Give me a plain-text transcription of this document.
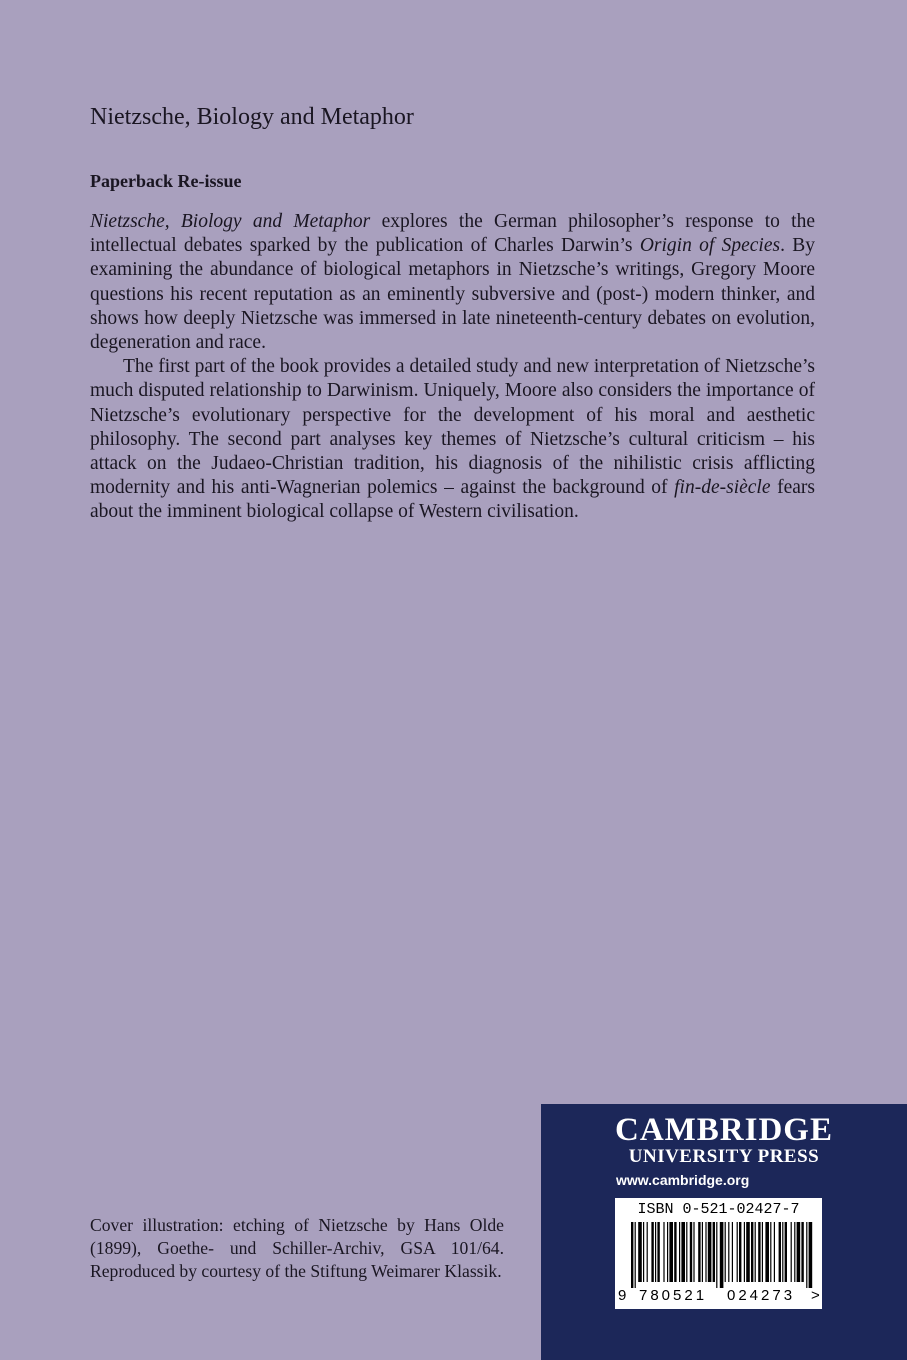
Nietzsche, Biology and Metaphor
Paperback Re-issue

Nietzsche, Biology and Metaphor explores the German philosopher’s response to the intellectual debates sparked by the publication of Charles Darwin’s Origin of Species. By examining the abundance of biological metaphors in Nietzsche’s writings, Gregory Moore questions his recent reputation as an eminently subversive and (post-) modern thinker, and shows how deeply Nietzsche was immersed in late nineteenth-century debates on evolution, degeneration and race.

The first part of the book provides a detailed study and new interpretation of Nietzsche’s much disputed relationship to Darwinism. Uniquely, Moore also considers the importance of Nietzsche’s evolutionary perspective for the development of his moral and aesthetic philosophy. The second part analyses key themes of Nietzsche’s cultural criticism – his attack on the Judaeo-Christian tradition, his diagnosis of the nihilistic crisis afflicting modernity and his anti-Wagnerian polemics – against the background of fin-de-siècle fears about the imminent biological collapse of Western civilisation.

Cover illustration: etching of Nietzsche by Hans Olde (1899), Goethe- und Schiller-Archiv, GSA 101/64. Reproduced by courtesy of the Stiftung Weimarer Klassik.
CAMBRIDGE
UNIVERSITY PRESS
www.cambridge.org
ISBN 0-521-02427-7
9 780521 024273 >
